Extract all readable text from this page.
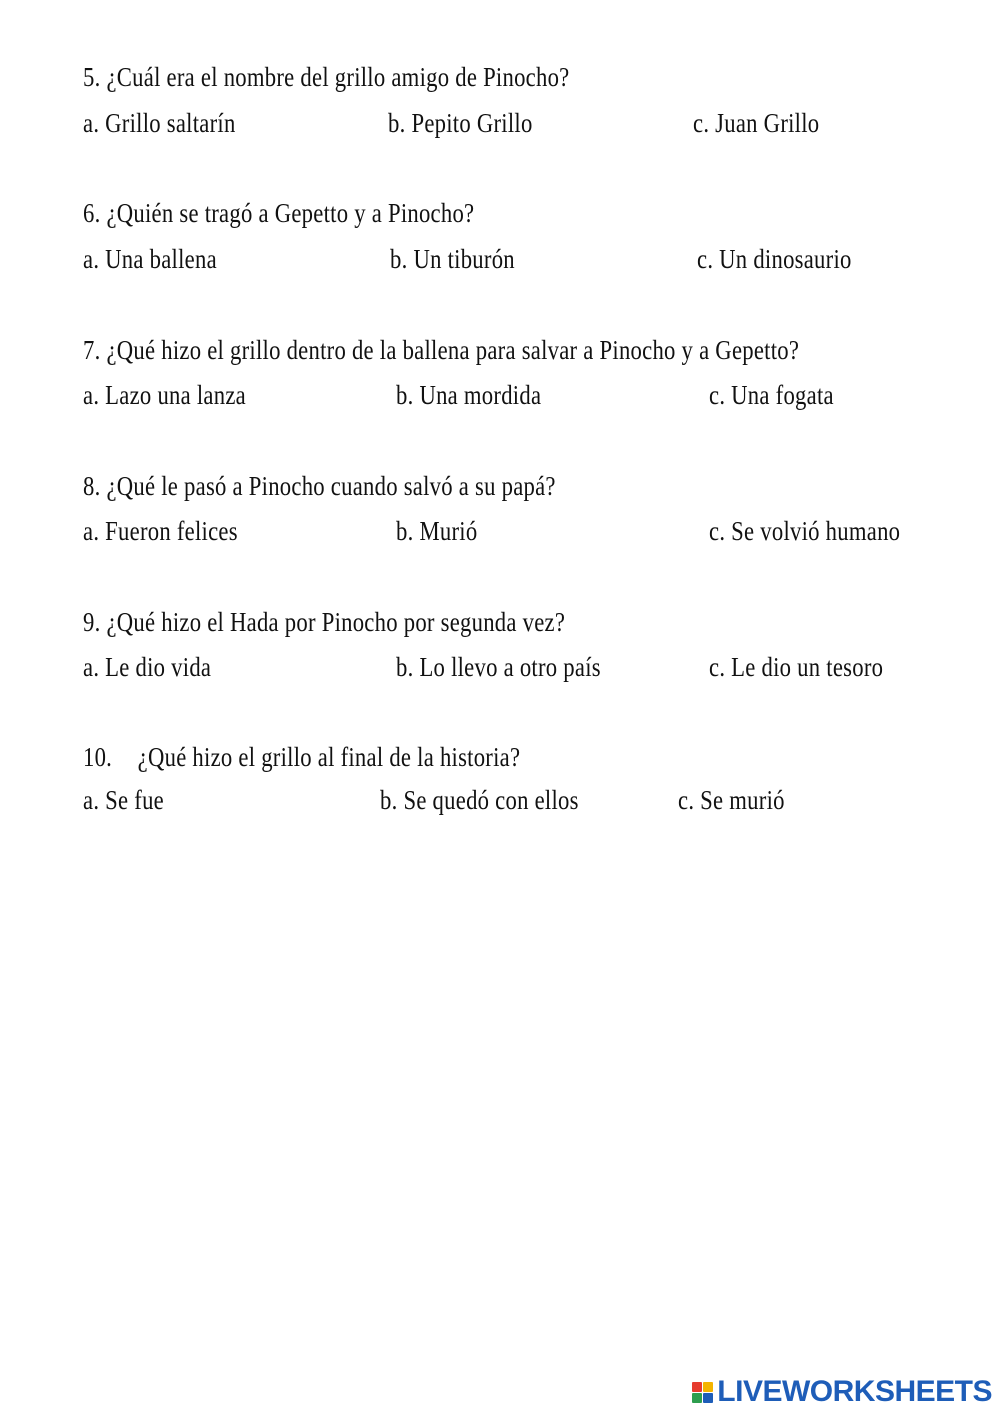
5. ¿Cuál era el nombre del grillo amigo de Pinocho?
a. Grillo saltarín	b. Pepito Grillo	c. Juan Grillo
6. ¿Quién se tragó a Gepetto y a Pinocho?
a. Una ballena	b. Un tiburón	c. Un dinosaurio
7. ¿Qué hizo el grillo dentro de la ballena para salvar a Pinocho y a Gepetto?
a. Lazo una lanza	b. Una mordida	c. Una fogata
8. ¿Qué le pasó a Pinocho cuando salvó a su papá?
a. Fueron felices	b. Murió	c. Se volvió humano
9. ¿Qué hizo el Hada por Pinocho por segunda vez?
a. Le dio vida	b. Lo llevo a otro país	c. Le dio un tesoro
10. ¿Qué hizo el grillo al final de la historia?
a. Se fue	b. Se quedó con ellos	c. Se murió
LIVEWORKSHEETS
